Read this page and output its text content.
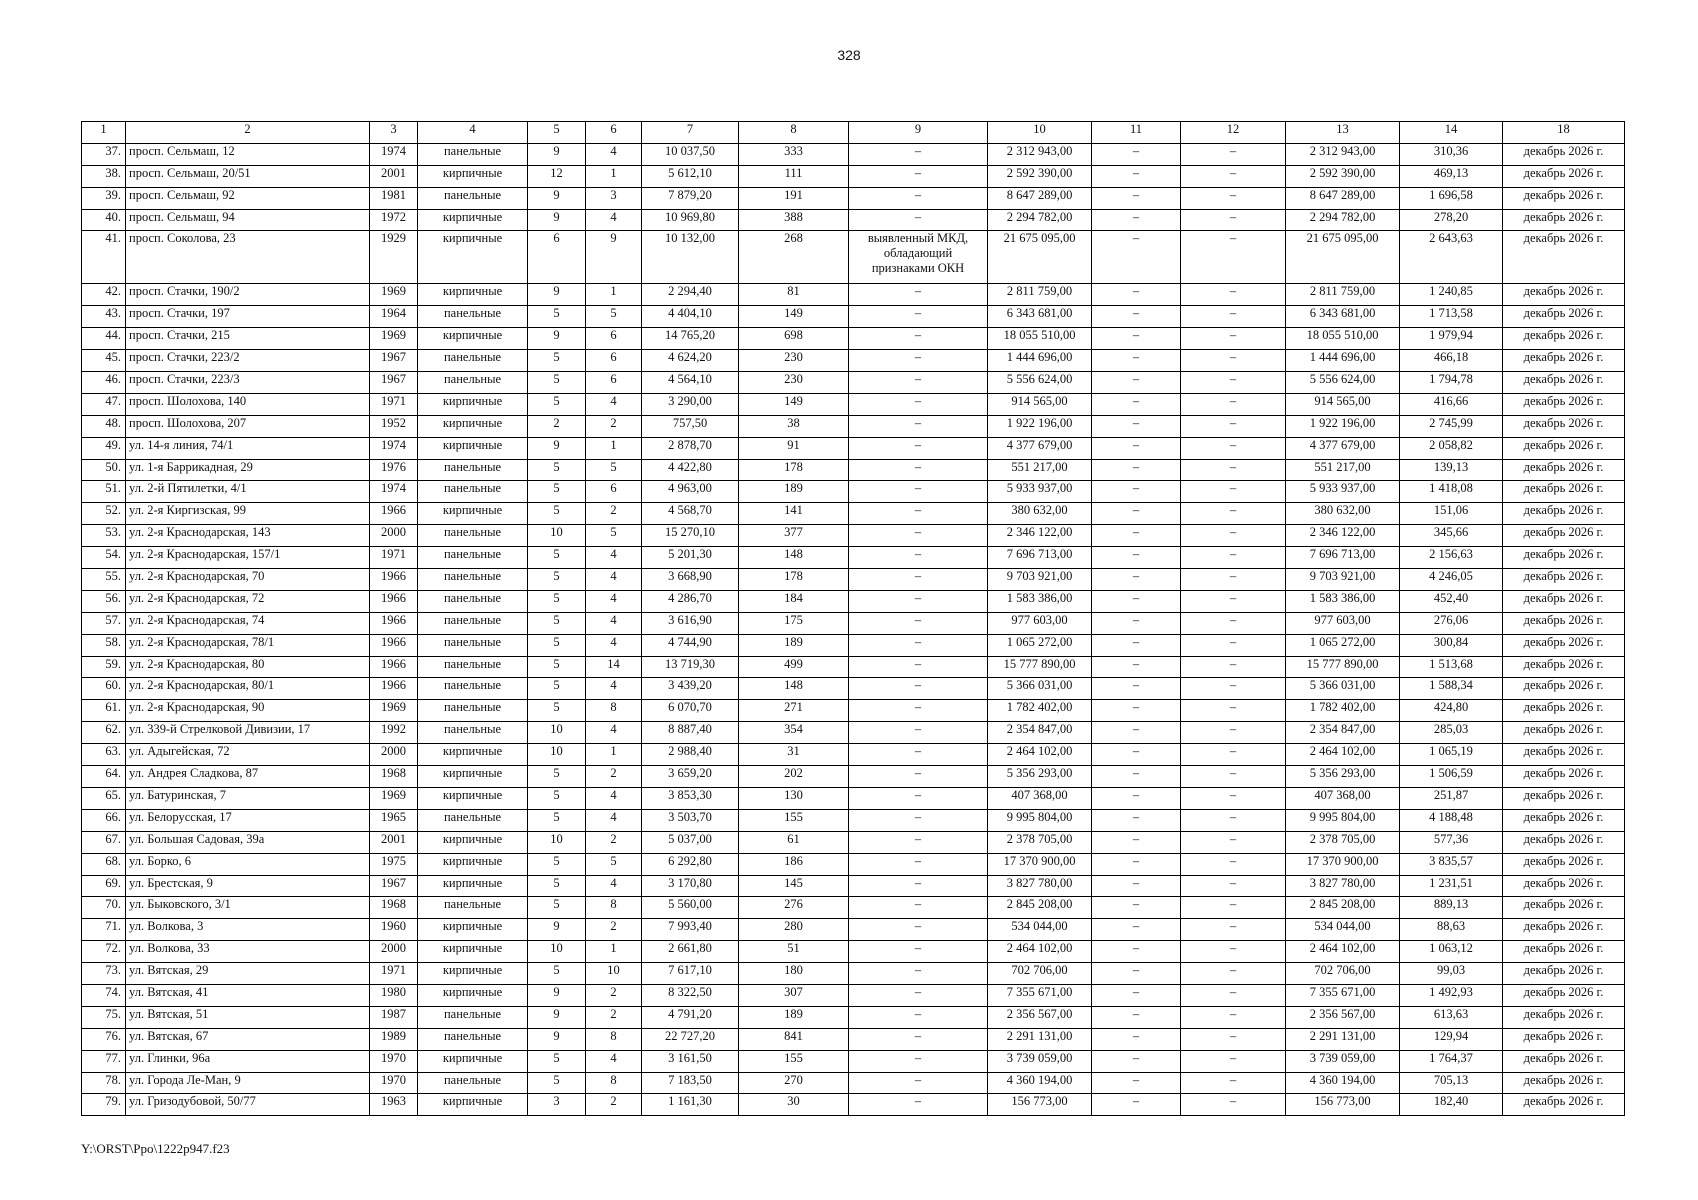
328
1	2	3	4	5	6	7	8	9	10	11	12	13	14	18
37.	просп. Сельмаш, 12	1974	панельные	9	4	10 037,50	333	–	2 312 943,00	–	–	2 312 943,00	310,36	декабрь 2026 г.
38.	просп. Сельмаш, 20/51	2001	кирпичные	12	1	5 612,10	111	–	2 592 390,00	–	–	2 592 390,00	469,13	декабрь 2026 г.
39.	просп. Сельмаш, 92	1981	панельные	9	3	7 879,20	191	–	8 647 289,00	–	–	8 647 289,00	1 696,58	декабрь 2026 г.
40.	просп. Сельмаш, 94	1972	кирпичные	9	4	10 969,80	388	–	2 294 782,00	–	–	2 294 782,00	278,20	декабрь 2026 г.
41.	просп. Соколова, 23	1929	кирпичные	6	9	10 132,00	268	выявленный МКД, обладающий признаками ОКН	21 675 095,00	–	–	21 675 095,00	2 643,63	декабрь 2026 г.
42.	просп. Стачки, 190/2	1969	кирпичные	9	1	2 294,40	81	–	2 811 759,00	–	–	2 811 759,00	1 240,85	декабрь 2026 г.
43.	просп. Стачки, 197	1964	панельные	5	5	4 404,10	149	–	6 343 681,00	–	–	6 343 681,00	1 713,58	декабрь 2026 г.
44.	просп. Стачки, 215	1969	кирпичные	9	6	14 765,20	698	–	18 055 510,00	–	–	18 055 510,00	1 979,94	декабрь 2026 г.
45.	просп. Стачки, 223/2	1967	панельные	5	6	4 624,20	230	–	1 444 696,00	–	–	1 444 696,00	466,18	декабрь 2026 г.
46.	просп. Стачки, 223/3	1967	панельные	5	6	4 564,10	230	–	5 556 624,00	–	–	5 556 624,00	1 794,78	декабрь 2026 г.
47.	просп. Шолохова, 140	1971	кирпичные	5	4	3 290,00	149	–	914 565,00	–	–	914 565,00	416,66	декабрь 2026 г.
48.	просп. Шолохова, 207	1952	кирпичные	2	2	757,50	38	–	1 922 196,00	–	–	1 922 196,00	2 745,99	декабрь 2026 г.
49.	ул. 14-я линия, 74/1	1974	кирпичные	9	1	2 878,70	91	–	4 377 679,00	–	–	4 377 679,00	2 058,82	декабрь 2026 г.
50.	ул. 1-я Баррикадная, 29	1976	панельные	5	5	4 422,80	178	–	551 217,00	–	–	551 217,00	139,13	декабрь 2026 г.
51.	ул. 2-й Пятилетки, 4/1	1974	панельные	5	6	4 963,00	189	–	5 933 937,00	–	–	5 933 937,00	1 418,08	декабрь 2026 г.
52.	ул. 2-я Киргизская, 99	1966	кирпичные	5	2	4 568,70	141	–	380 632,00	–	–	380 632,00	151,06	декабрь 2026 г.
53.	ул. 2-я Краснодарская, 143	2000	панельные	10	5	15 270,10	377	–	2 346 122,00	–	–	2 346 122,00	345,66	декабрь 2026 г.
54.	ул. 2-я Краснодарская, 157/1	1971	панельные	5	4	5 201,30	148	–	7 696 713,00	–	–	7 696 713,00	2 156,63	декабрь 2026 г.
55.	ул. 2-я Краснодарская, 70	1966	панельные	5	4	3 668,90	178	–	9 703 921,00	–	–	9 703 921,00	4 246,05	декабрь 2026 г.
56.	ул. 2-я Краснодарская, 72	1966	панельные	5	4	4 286,70	184	–	1 583 386,00	–	–	1 583 386,00	452,40	декабрь 2026 г.
57.	ул. 2-я Краснодарская, 74	1966	панельные	5	4	3 616,90	175	–	977 603,00	–	–	977 603,00	276,06	декабрь 2026 г.
58.	ул. 2-я Краснодарская, 78/1	1966	панельные	5	4	4 744,90	189	–	1 065 272,00	–	–	1 065 272,00	300,84	декабрь 2026 г.
59.	ул. 2-я Краснодарская, 80	1966	панельные	5	14	13 719,30	499	–	15 777 890,00	–	–	15 777 890,00	1 513,68	декабрь 2026 г.
60.	ул. 2-я Краснодарская, 80/1	1966	панельные	5	4	3 439,20	148	–	5 366 031,00	–	–	5 366 031,00	1 588,34	декабрь 2026 г.
61.	ул. 2-я Краснодарская, 90	1969	панельные	5	8	6 070,70	271	–	1 782 402,00	–	–	1 782 402,00	424,80	декабрь 2026 г.
62.	ул. 339-й Стрелковой Дивизии, 17	1992	панельные	10	4	8 887,40	354	–	2 354 847,00	–	–	2 354 847,00	285,03	декабрь 2026 г.
63.	ул. Адыгейская, 72	2000	кирпичные	10	1	2 988,40	31	–	2 464 102,00	–	–	2 464 102,00	1 065,19	декабрь 2026 г.
64.	ул. Андрея Сладкова, 87	1968	кирпичные	5	2	3 659,20	202	–	5 356 293,00	–	–	5 356 293,00	1 506,59	декабрь 2026 г.
65.	ул. Батуринская, 7	1969	кирпичные	5	4	3 853,30	130	–	407 368,00	–	–	407 368,00	251,87	декабрь 2026 г.
66.	ул. Белорусская, 17	1965	панельные	5	4	3 503,70	155	–	9 995 804,00	–	–	9 995 804,00	4 188,48	декабрь 2026 г.
67.	ул. Большая Садовая, 39а	2001	кирпичные	10	2	5 037,00	61	–	2 378 705,00	–	–	2 378 705,00	577,36	декабрь 2026 г.
68.	ул. Борко, 6	1975	кирпичные	5	5	6 292,80	186	–	17 370 900,00	–	–	17 370 900,00	3 835,57	декабрь 2026 г.
69.	ул. Брестская, 9	1967	кирпичные	5	4	3 170,80	145	–	3 827 780,00	–	–	3 827 780,00	1 231,51	декабрь 2026 г.
70.	ул. Быковского, 3/1	1968	панельные	5	8	5 560,00	276	–	2 845 208,00	–	–	2 845 208,00	889,13	декабрь 2026 г.
71.	ул. Волкова, 3	1960	кирпичные	9	2	7 993,40	280	–	534 044,00	–	–	534 044,00	88,63	декабрь 2026 г.
72.	ул. Волкова, 33	2000	кирпичные	10	1	2 661,80	51	–	2 464 102,00	–	–	2 464 102,00	1 063,12	декабрь 2026 г.
73.	ул. Вятская, 29	1971	кирпичные	5	10	7 617,10	180	–	702 706,00	–	–	702 706,00	99,03	декабрь 2026 г.
74.	ул. Вятская, 41	1980	кирпичные	9	2	8 322,50	307	–	7 355 671,00	–	–	7 355 671,00	1 492,93	декабрь 2026 г.
75.	ул. Вятская, 51	1987	панельные	9	2	4 791,20	189	–	2 356 567,00	–	–	2 356 567,00	613,63	декабрь 2026 г.
76.	ул. Вятская, 67	1989	панельные	9	8	22 727,20	841	–	2 291 131,00	–	–	2 291 131,00	129,94	декабрь 2026 г.
77.	ул. Глинки, 96а	1970	кирпичные	5	4	3 161,50	155	–	3 739 059,00	–	–	3 739 059,00	1 764,37	декабрь 2026 г.
78.	ул. Города Ле-Ман, 9	1970	панельные	5	8	7 183,50	270	–	4 360 194,00	–	–	4 360 194,00	705,13	декабрь 2026 г.
79.	ул. Гризодубовой, 50/77	1963	кирпичные	3	2	1 161,30	30	–	156 773,00	–	–	156 773,00	182,40	декабрь 2026 г.
Y:\ORST\Ppo\1222p947.f23
